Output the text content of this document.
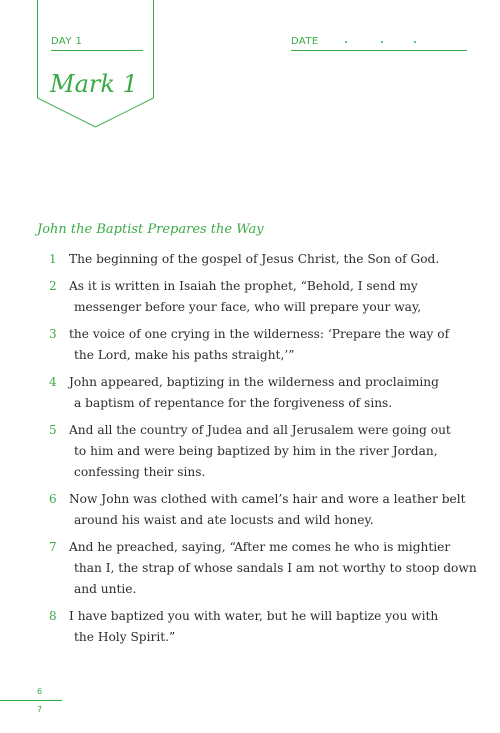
DAY 1
Mark 1
DATE
John the Baptist Prepares the Way
1 The beginning of the gospel of Jesus Christ, the Son of God.
2 As it is written in Isaiah the prophet, “Behold, I send my
messenger before your face, who will prepare your way,
3 the voice of one crying in the wilderness: ‘Prepare the way of
the Lord, make his paths straight,’”
4 John appeared, baptizing in the wilderness and proclaiming
a baptism of repentance for the forgiveness of sins.
5 And all the country of Judea and all Jerusalem were going out
to him and were being baptized by him in the river Jordan,
confessing their sins.
6 Now John was clothed with camel’s hair and wore a leather belt
around his waist and ate locusts and wild honey.
7 And he preached, saying, “After me comes he who is mightier
than I, the strap of whose sandals I am not worthy to stoop down
and untie.
8 I have baptized you with water, but he will baptize you with
the Holy Spirit.”
6
7
